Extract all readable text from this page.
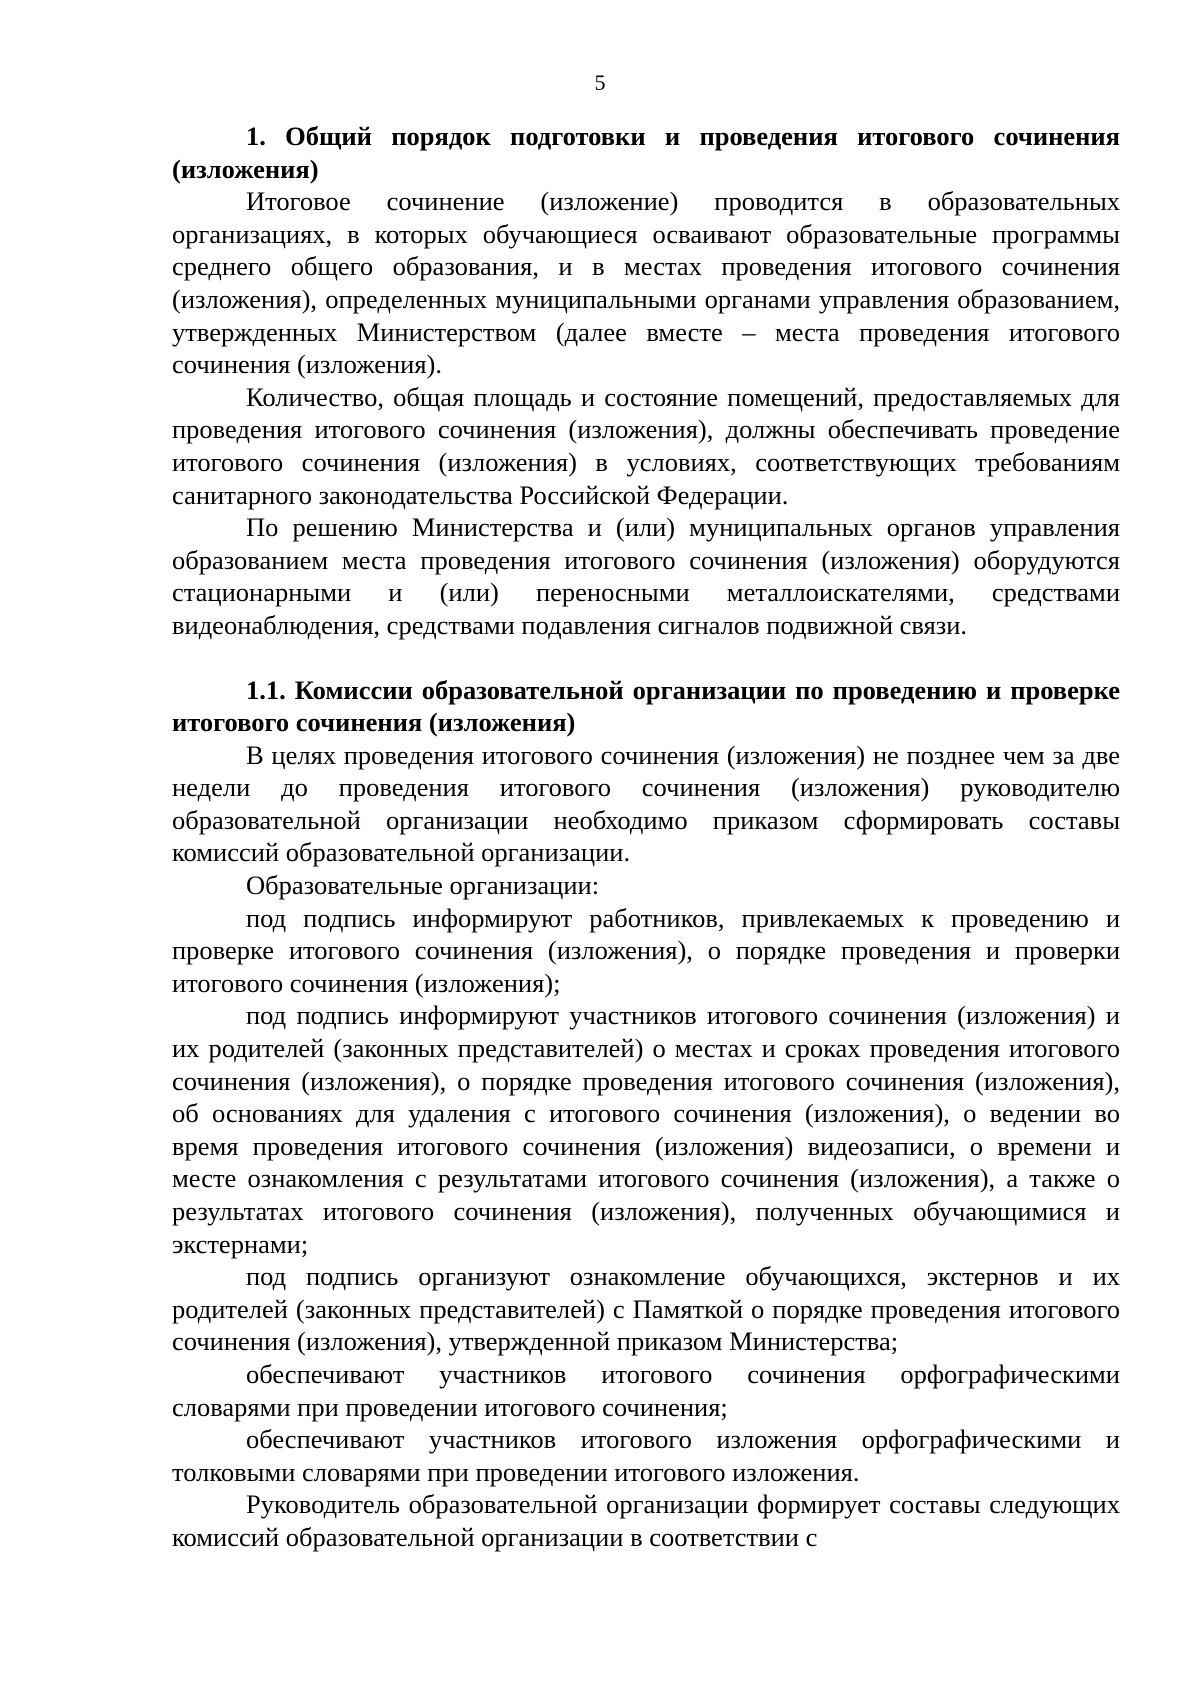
5

1. Общий порядок подготовки и проведения итогового сочинения (изложения)

Итоговое сочинение (изложение) проводится в образовательных организациях, в которых обучающиеся осваивают образовательные программы среднего общего образования, и в местах проведения итогового сочинения (изложения), определенных муниципальными органами управления образованием, утвержденных Министерством (далее вместе – места проведения итогового сочинения (изложения).

Количество, общая площадь и состояние помещений, предоставляемых для проведения итогового сочинения (изложения), должны обеспечивать проведение итогового сочинения (изложения) в условиях, соответствующих требованиям санитарного законодательства Российской Федерации.

По решению Министерства и (или) муниципальных органов управления образованием места проведения итогового сочинения (изложения) оборудуются стационарными и (или) переносными металлоискателями, средствами видеонаблюдения, средствами подавления сигналов подвижной связи.

1.1. Комиссии образовательной организации по проведению и проверке итогового сочинения (изложения)

В целях проведения итогового сочинения (изложения) не позднее чем за две недели до проведения итогового сочинения (изложения) руководителю образовательной организации необходимо приказом сформировать составы комиссий образовательной организации.

Образовательные организации:

под подпись информируют работников, привлекаемых к проведению и проверке итогового сочинения (изложения), о порядке проведения и проверки итогового сочинения (изложения);

под подпись информируют участников итогового сочинения (изложения) и их родителей (законных представителей) о местах и сроках проведения итогового сочинения (изложения), о порядке проведения итогового сочинения (изложения), об основаниях для удаления с итогового сочинения (изложения), о ведении во время проведения итогового сочинения (изложения) видеозаписи, о времени и месте ознакомления с результатами итогового сочинения (изложения), а также о результатах итогового сочинения (изложения), полученных обучающимися и экстернами;

под подпись организуют ознакомление обучающихся, экстернов и их родителей (законных представителей) с Памяткой о порядке проведения итогового сочинения (изложения), утвержденной приказом Министерства;

обеспечивают участников итогового сочинения орфографическими словарями при проведении итогового сочинения;

обеспечивают участников итогового изложения орфографическими и толковыми словарями при проведении итогового изложения.

Руководитель образовательной организации формирует составы следующих комиссий образовательной организации в соответствии с
